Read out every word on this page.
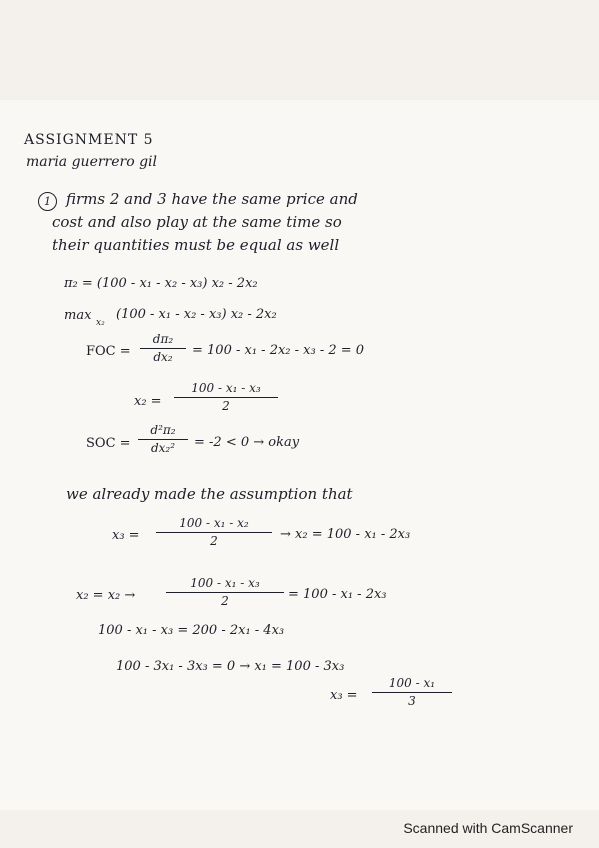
ASSIGNMENT 5
maria guerrero gil
1	firms 2 and 3 have the same price and
cost and also play at the same time so
their quantities must be equal as well
π₂ = (100 - x₁ - x₂ - x₃) x₂ - 2x₂
max x₂
(100 - x₁ - x₂ - x₃) x₂ - 2x₂
FOC =
dπ₂
dx₂	= 100 - x₁ - 2x₂ - x₃ - 2 = 0
x₂ =
100 - x₁ - x₃
2
SOC =
d²π₂
dx₂²	= -2 < 0 → okay
we already made the assumption that
x₃ =
100 - x₁ - x₂
2	→ x₂ = 100 - x₁ - 2x₃
x₂ = x₂ →
100 - x₁ - x₃
2	= 100 - x₁ - 2x₃
100 - x₁ - x₃ = 200 - 2x₁ - 4x₃
100 - 3x₁ - 3x₃ = 0 → x₁ = 100 - 3x₃
x₃ =
100 - x₁
3
Scanned with CamScanner
